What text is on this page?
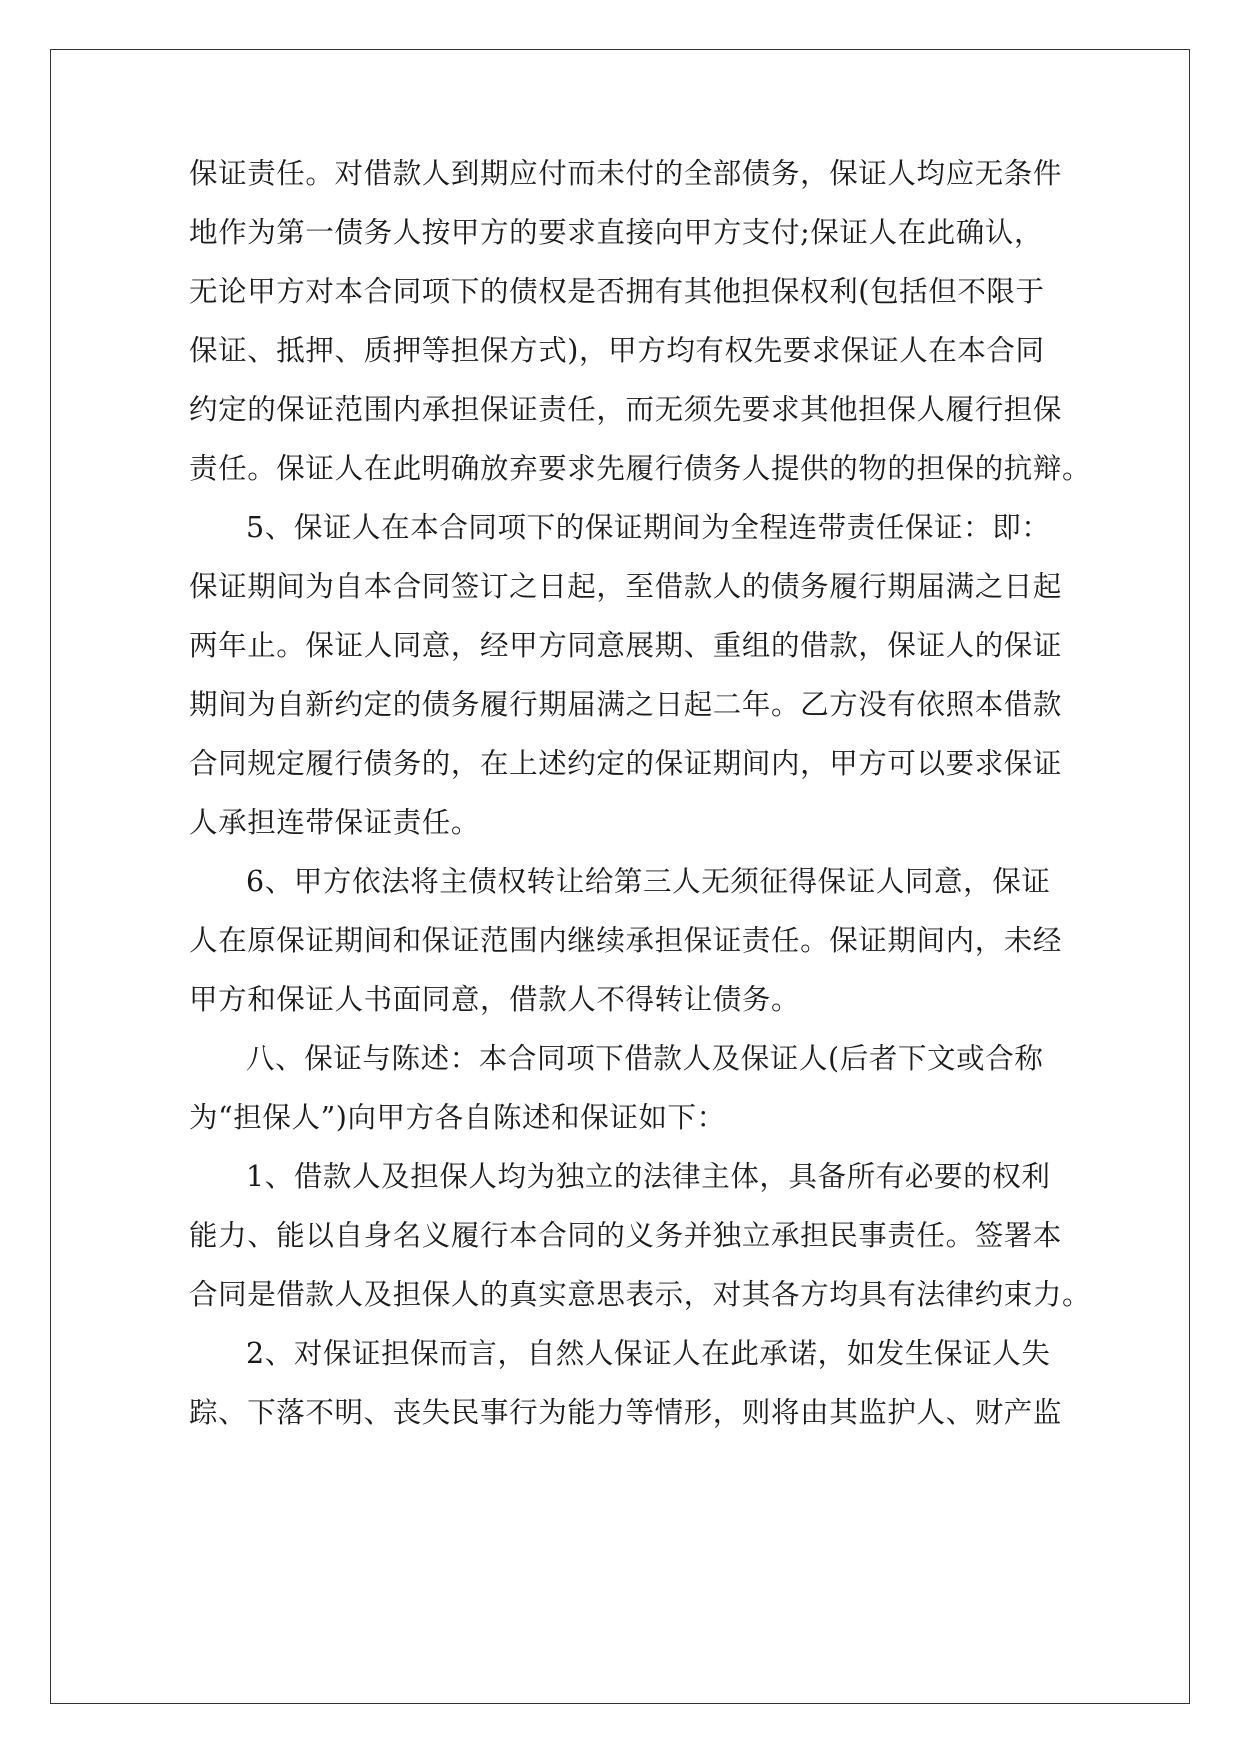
保证责任。对借款人到期应付而未付的全部债务，保证人均应无条件
地作为第一债务人按甲方的要求直接向甲方支付;保证人在此确认，
无论甲方对本合同项下的债权是否拥有其他担保权利(包括但不限于
保证、抵押、质押等担保方式)，甲方均有权先要求保证人在本合同
约定的保证范围内承担保证责任，而无须先要求其他担保人履行担保
责任。保证人在此明确放弃要求先履行债务人提供的物的担保的抗辩。
5、保证人在本合同项下的保证期间为全程连带责任保证：即：
保证期间为自本合同签订之日起，至借款人的债务履行期届满之日起
两年止。保证人同意，经甲方同意展期、重组的借款，保证人的保证
期间为自新约定的债务履行期届满之日起二年。乙方没有依照本借款
合同规定履行债务的，在上述约定的保证期间内，甲方可以要求保证
人承担连带保证责任。
6、甲方依法将主债权转让给第三人无须征得保证人同意，保证
人在原保证期间和保证范围内继续承担保证责任。保证期间内，未经
甲方和保证人书面同意，借款人不得转让债务。
八、保证与陈述：本合同项下借款人及保证人(后者下文或合称
为“担保人”)向甲方各自陈述和保证如下：
1、借款人及担保人均为独立的法律主体，具备所有必要的权利
能力、能以自身名义履行本合同的义务并独立承担民事责任。签署本
合同是借款人及担保人的真实意思表示，对其各方均具有法律约束力。
2、对保证担保而言，自然人保证人在此承诺，如发生保证人失
踪、下落不明、丧失民事行为能力等情形，则将由其监护人、财产监
